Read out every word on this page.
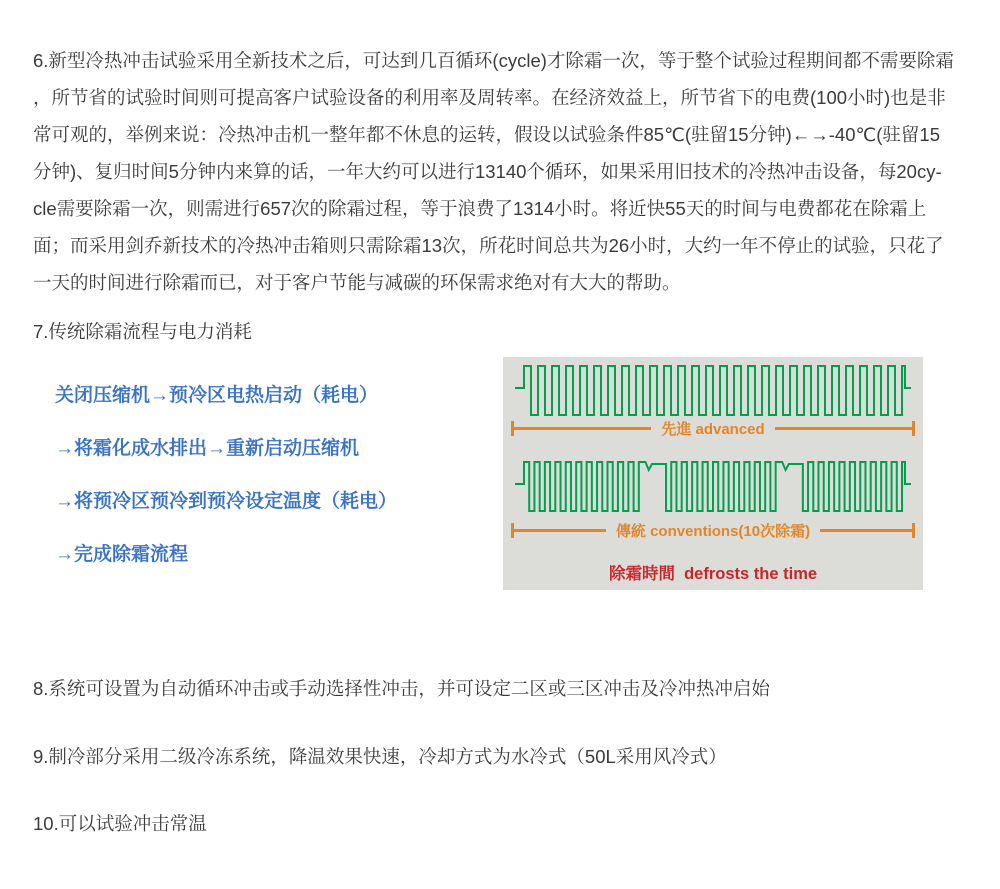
6.新型冷热冲击试验采用全新技术之后，可达到几百循环(cycle)才除霜一次，等于整个试验过程期间都不需要除霜
，所节省的试验时间则可提高客户试验设备的利用率及周转率。在经济效益上，所节省下的电费(100小时)也是非
常可观的，举例来说：冷热冲击机一整年都不休息的运转，假设以试验条件85℃(驻留15分钟)←→-40℃(驻留15
分钟)、复归时间5分钟内来算的话，一年大约可以进行13140个循环，如果采用旧技术的冷热冲击设备，每20cy-
cle需要除霜一次，则需进行657次的除霜过程，等于浪费了1314小时。将近快55天的时间与电费都花在除霜上
面；而采用剑乔新技术的冷热冲击箱则只需除霜13次，所花时间总共为26小时，大约一年不停止的试验，只花了
一天的时间进行除霜而已，对于客户节能与减碳的环保需求绝对有大大的帮助。
7.传统除霜流程与电力消耗
关闭压缩机→预冷区电热启动（耗电）
→将霜化成水排出→重新启动压缩机
→将预冷区预冷到预冷设定温度（耗电）
→完成除霜流程
先進 advanced
傳統 conventions(10次除霜)
除霜時間  defrosts the time
8.系统可设置为自动循环冲击或手动选择性冲击，并可设定二区或三区冲击及冷冲热冲启始
9.制冷部分采用二级冷冻系统，降温效果快速，冷却方式为水冷式（50L采用风冷式）
10.可以试验冲击常温
